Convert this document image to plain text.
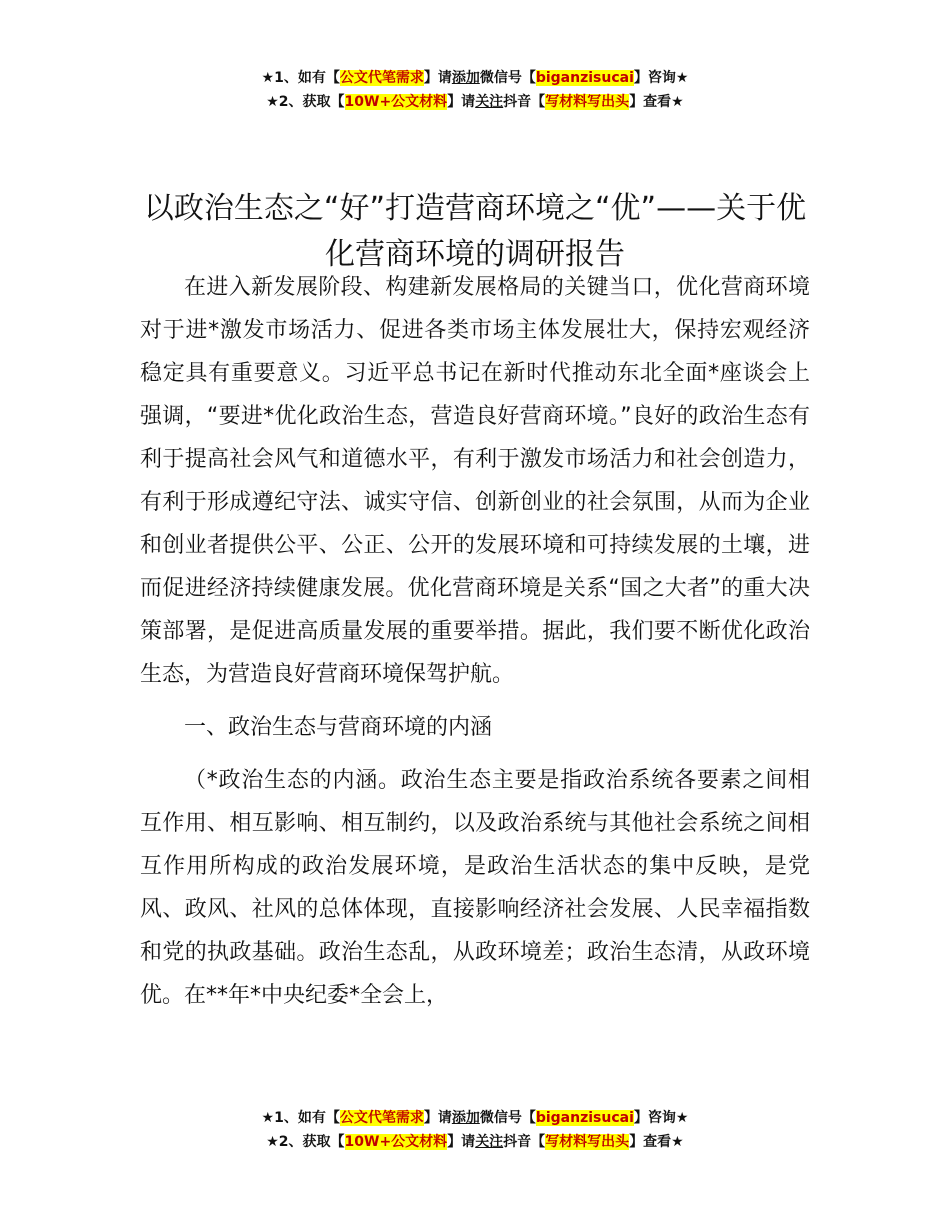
★1、如有【公文代笔需求】请添加微信号【biganzisucai】咨询★
★2、获取【10W+公文材料】请关注抖音【写材料写出头】查看★
以政治生态之“好”打造营商环境之“优”——关于优化营商环境的调研报告

在进入新发展阶段、构建新发展格局的关键当口，优化营商环境对于进*激发市场活力、促进各类市场主体发展壮大，保持宏观经济稳定具有重要意义。习近平总书记在新时代推动东北全面*座谈会上强调，“要进*优化政治生态，营造良好营商环境。”良好的政治生态有利于提高社会风气和道德水平，有利于激发市场活力和社会创造力，有利于形成遵纪守法、诚实守信、创新创业的社会氛围，从而为企业和创业者提供公平、公正、公开的发展环境和可持续发展的土壤，进而促进经济持续健康发展。优化营商环境是关系“国之大者”的重大决策部署，是促进高质量发展的重要举措。据此，我们要不断优化政治生态，为营造良好营商环境保驾护航。

一、政治生态与营商环境的内涵

（*政治生态的内涵。政治生态主要是指政治系统各要素之间相互作用、相互影响、相互制约，以及政治系统与其他社会系统之间相互作用所构成的政治发展环境，是政治生活状态的集中反映，是党风、政风、社风的总体体现，直接影响经济社会发展、人民幸福指数和党的执政基础。政治生态乱，从政环境差；政治生态清，从政环境优。在**年*中央纪委*全会上，

★1、如有【公文代笔需求】请添加微信号【biganzisucai】咨询★
★2、获取【10W+公文材料】请关注抖音【写材料写出头】查看★
